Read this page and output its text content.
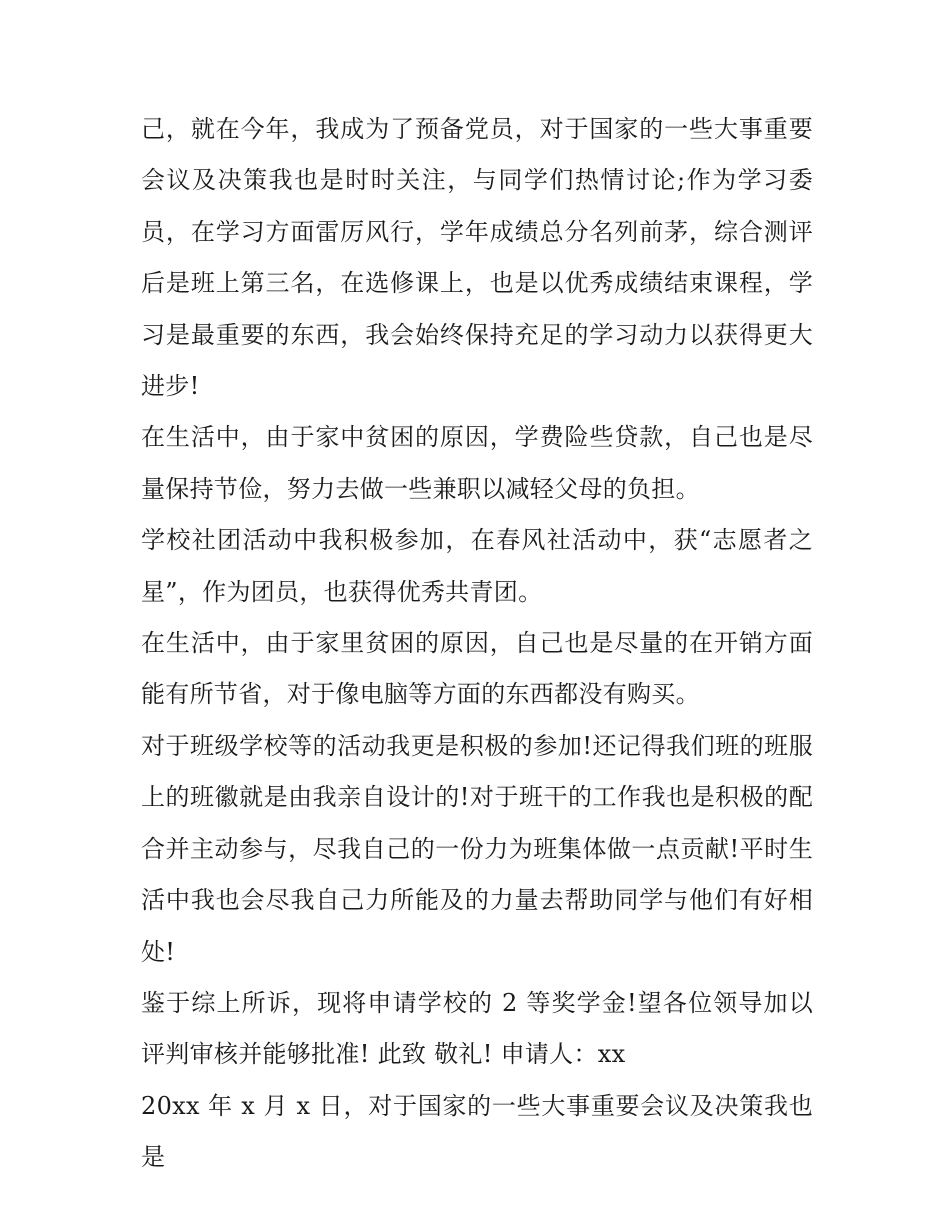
己，就在今年，我成为了预备党员，对于国家的一些大事重要会议及决策我也是时时关注，与同学们热情讨论;作为学习委员，在学习方面雷厉风行，学年成绩总分名列前茅，综合测评后是班上第三名，在选修课上，也是以优秀成绩结束课程，学习是最重要的东西，我会始终保持充足的学习动力以获得更大进步!

在生活中，由于家中贫困的原因，学费险些贷款，自己也是尽量保持节俭，努力去做一些兼职以减轻父母的负担。

学校社团活动中我积极参加，在春风社活动中，获“志愿者之星”，作为团员，也获得优秀共青团。

在生活中，由于家里贫困的原因，自己也是尽量的在开销方面能有所节省，对于像电脑等方面的东西都没有购买。

对于班级学校等的活动我更是积极的参加!还记得我们班的班服上的班徽就是由我亲自设计的!对于班干的工作我也是积极的配合并主动参与，尽我自己的一份力为班集体做一点贡献!平时生活中我也会尽我自己力所能及的力量去帮助同学与他们有好相处!

鉴于综上所诉，现将申请学校的 2 等奖学金!望各位领导加以评判审核并能够批准! 此致 敬礼! 申请人：xx

20xx 年 x 月 x 日，对于国家的一些大事重要会议及决策我也是
